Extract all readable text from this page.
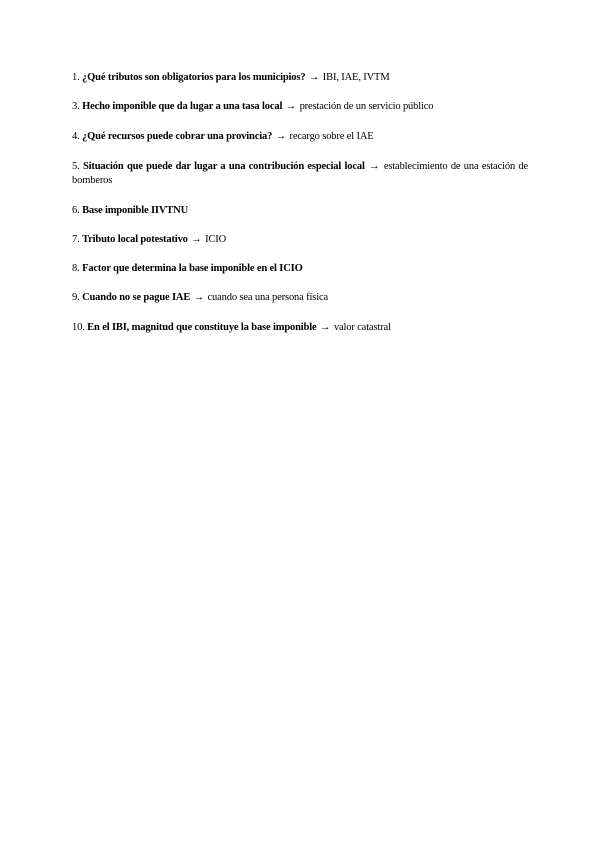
1. ¿Qué tributos son obligatorios para los municipios? → IBI, IAE, IVTM

3. Hecho imponible que da lugar a una tasa local → prestación de un servicio público

4. ¿Qué recursos puede cobrar una provincia? → recargo sobre el IAE

5. Situación que puede dar lugar a una contribución especial local → establecimiento de una estación de bomberos

6. Base imponible IIVTNU

7. Tributo local potestativo → ICIO

8. Factor que determina la base imponible en el ICIO

9. Cuando no se pague IAE → cuando sea una persona física

10. En el IBI, magnitud que constituye la base imponible → valor catastral
